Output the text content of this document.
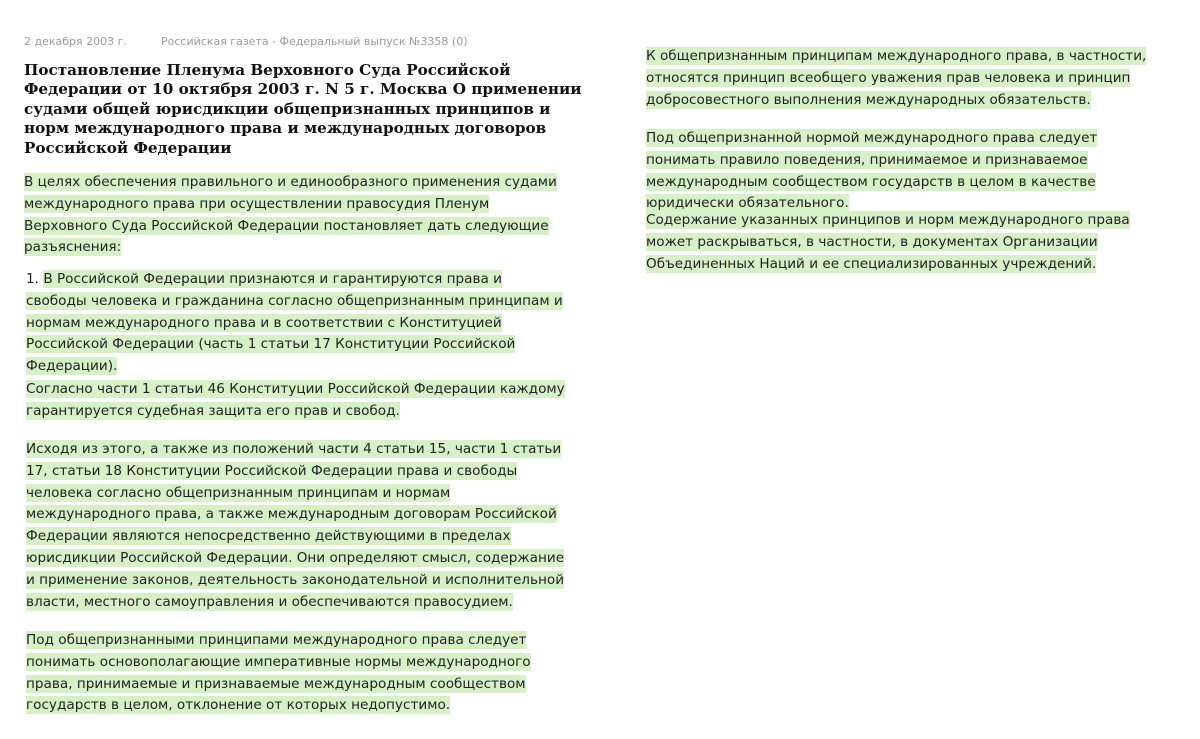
2 декабря 2003 г.	Российская газета - Федеральный выпуск №3358 (0)
Постановление Пленума Верховного Суда Российской Федерации от 10 октября 2003 г. N 5 г. Москва О применении судами общей юрисдикции общепризнанных принципов и норм международного права и международных договоров Российской Федерации

В целях обеспечения правильного и единообразного применения судами международного права при осуществлении правосудия Пленум Верховного Суда Российской Федерации постановляет дать следующие разъяснения:

1. В Российской Федерации признаются и гарантируются права и свободы человека и гражданина согласно общепризнанным принципам и нормам международного права и в соответствии с Конституцией Российской Федерации (часть 1 статьи 17 Конституции Российской Федерации).

Согласно части 1 статьи 46 Конституции Российской Федерации каждому гарантируется судебная защита его прав и свобод.

Исходя из этого, а также из положений части 4 статьи 15, части 1 статьи 17, статьи 18 Конституции Российской Федерации права и свободы человека согласно общепризнанным принципам и нормам международного права, а также международным договорам Российской Федерации являются непосредственно действующими в пределах юрисдикции Российской Федерации. Они определяют смысл, содержание и применение законов, деятельность законодательной и исполнительной власти, местного самоуправления и обеспечиваются правосудием.

Под общепризнанными принципами международного права следует понимать основополагающие императивные нормы международного права, принимаемые и признаваемые международным сообществом государств в целом, отклонение от которых недопустимо.

К общепризнанным принципам международного права, в частности, относятся принцип всеобщего уважения прав человека и принцип добросовестного выполнения международных обязательств.

Под общепризнанной нормой международного права следует понимать правило поведения, принимаемое и признаваемое международным сообществом государств в целом в качестве юридически обязательного.

Содержание указанных принципов и норм международного права может раскрываться, в частности, в документах Организации Объединенных Наций и ее специализированных учреждений.
